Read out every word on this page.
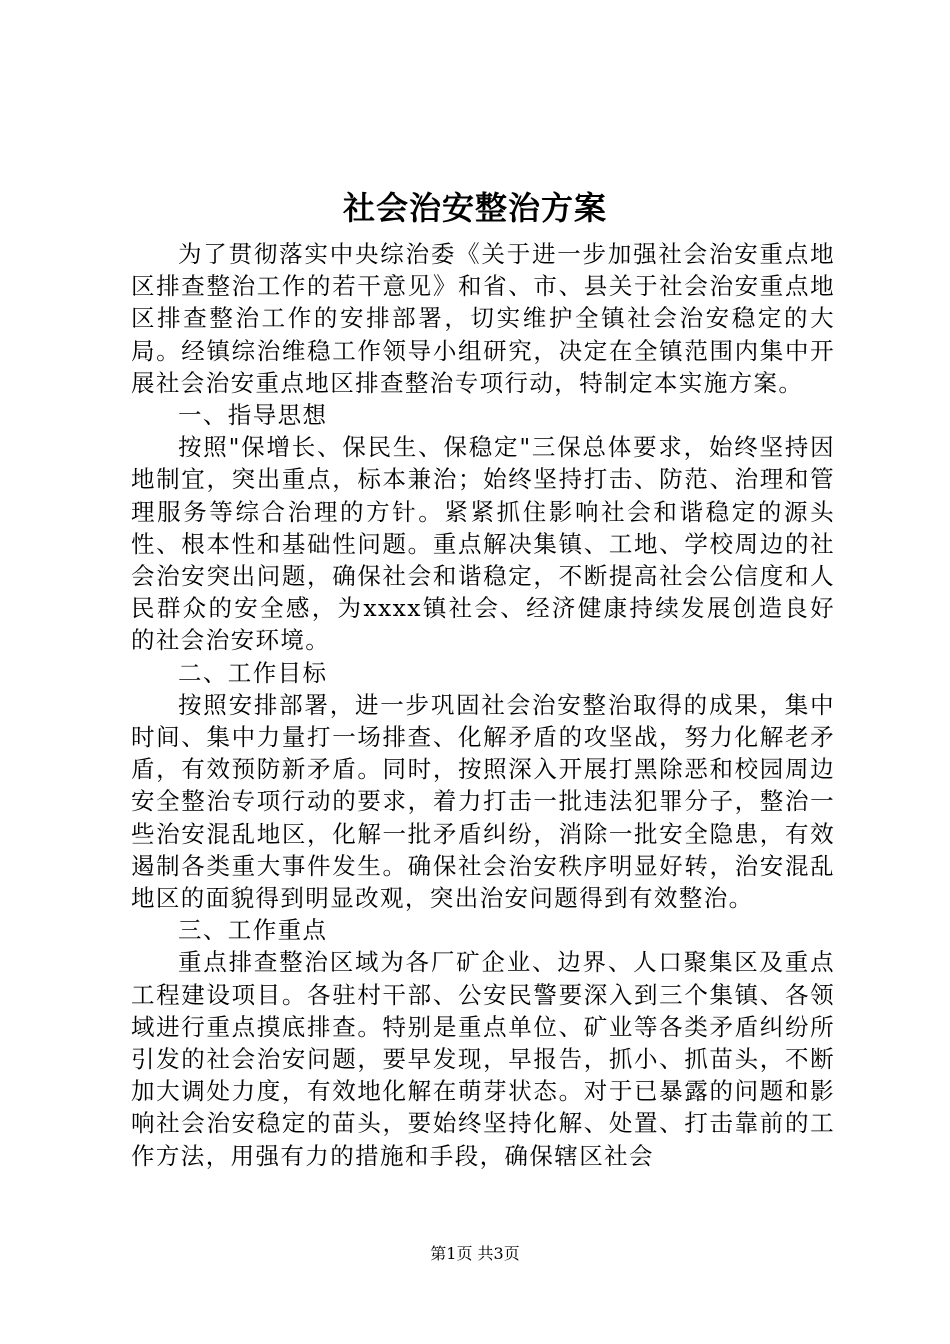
社会治安整治方案

为了贯彻落实中央综治委《关于进一步加强社会治安重点地区排查整治工作的若干意见》和省、市、县关于社会治安重点地区排查整治工作的安排部署，切实维护全镇社会治安稳定的大局。经镇综治维稳工作领导小组研究，决定在全镇范围内集中开展社会治安重点地区排查整治专项行动，特制定本实施方案。

一、指导思想

按照"保增长、保民生、保稳定"三保总体要求，始终坚持因地制宜，突出重点，标本兼治；始终坚持打击、防范、治理和管理服务等综合治理的方针。紧紧抓住影响社会和谐稳定的源头性、根本性和基础性问题。重点解决集镇、工地、学校周边的社会治安突出问题，确保社会和谐稳定，不断提高社会公信度和人民群众的安全感，为xxxx镇社会、经济健康持续发展创造良好的社会治安环境。

二、工作目标

按照安排部署，进一步巩固社会治安整治取得的成果，集中时间、集中力量打一场排查、化解矛盾的攻坚战，努力化解老矛盾，有效预防新矛盾。同时，按照深入开展打黑除恶和校园周边安全整治专项行动的要求，着力打击一批违法犯罪分子，整治一些治安混乱地区，化解一批矛盾纠纷，消除一批安全隐患，有效遏制各类重大事件发生。确保社会治安秩序明显好转，治安混乱地区的面貌得到明显改观，突出治安问题得到有效整治。

三、工作重点

重点排查整治区域为各厂矿企业、边界、人口聚集区及重点工程建设项目。各驻村干部、公安民警要深入到三个集镇、各领域进行重点摸底排查。特别是重点单位、矿业等各类矛盾纠纷所引发的社会治安问题，要早发现，早报告，抓小、抓苗头，不断加大调处力度，有效地化解在萌芽状态。对于已暴露的问题和影响社会治安稳定的苗头，要始终坚持化解、处置、打击靠前的工作方法，用强有力的措施和手段，确保辖区社会

第1页 共3页
